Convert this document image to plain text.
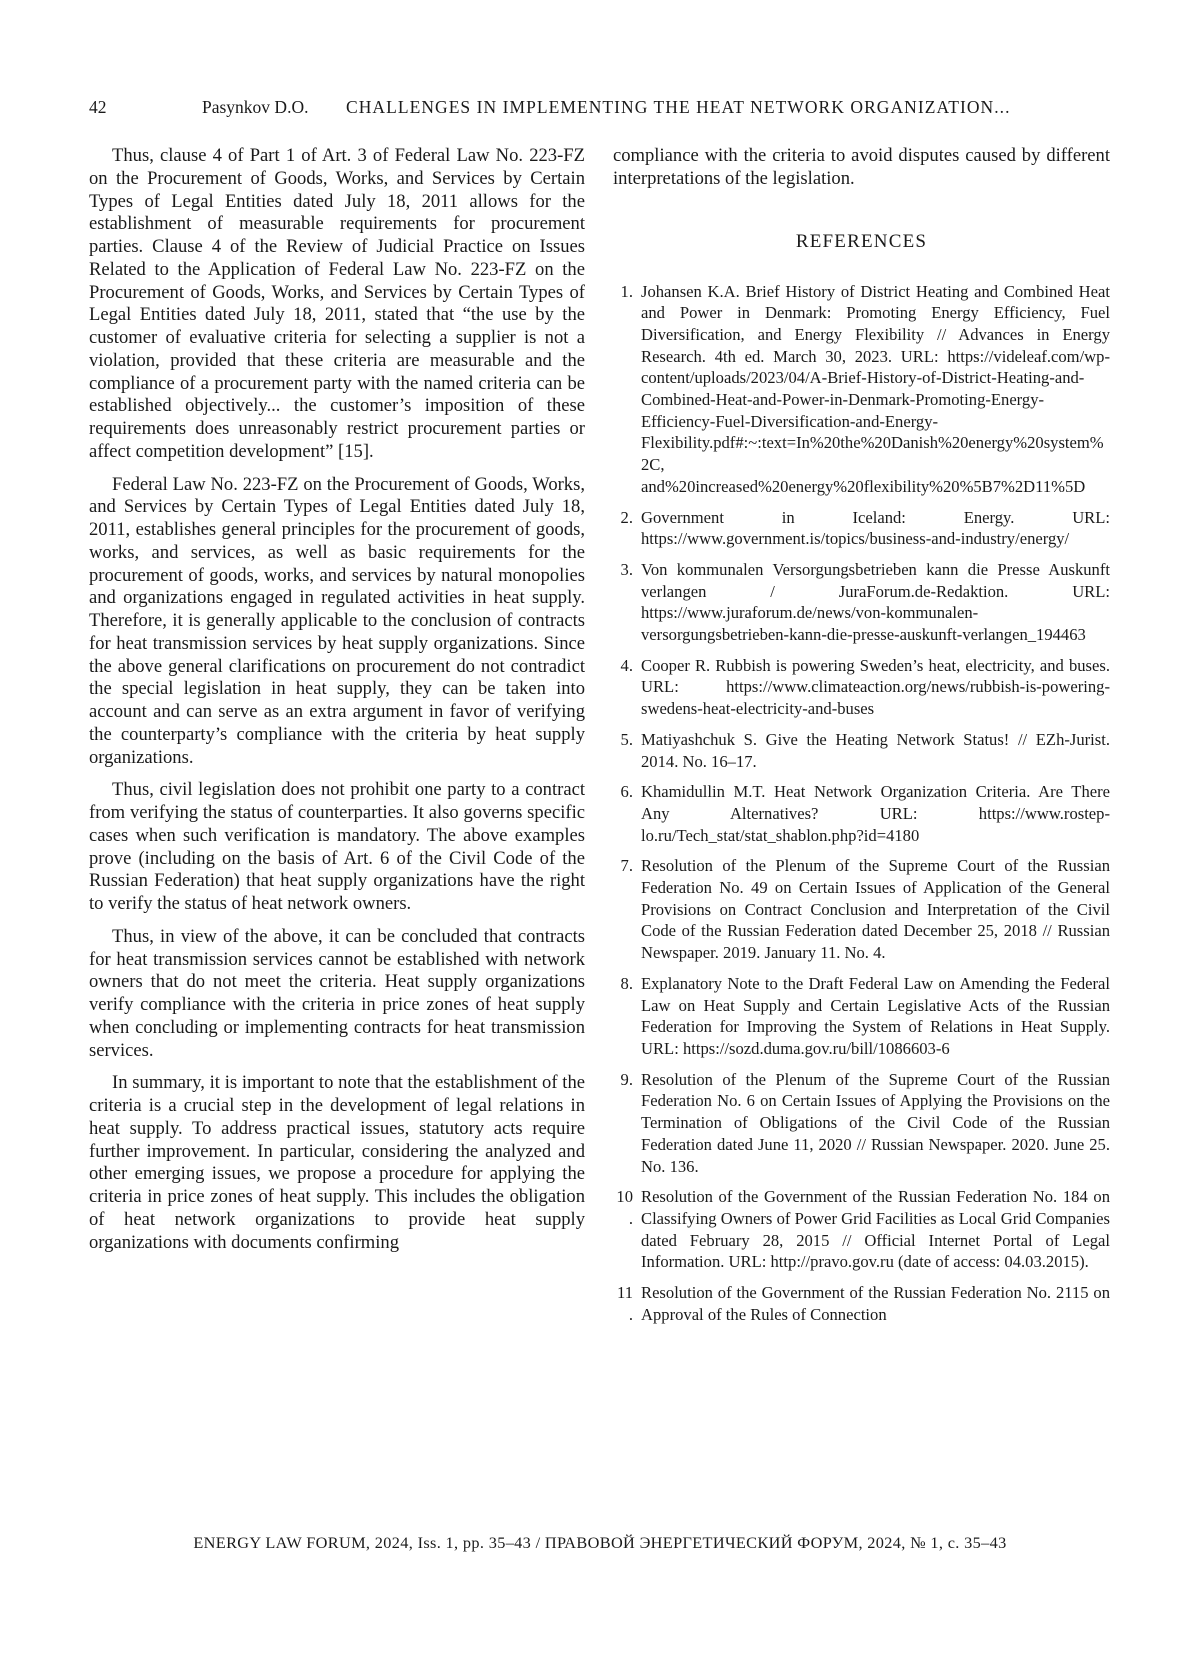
42	Pasynkov D.O. CHALLENGES IN IMPLEMENTING THE HEAT NETWORK ORGANIZATION...

Thus, clause 4 of Part 1 of Art. 3 of Federal Law No. 223-FZ on the Procurement of Goods, Works, and Services by Certain Types of Legal Entities dated July 18, 2011 allows for the establishment of measurable requirements for procurement parties. Clause 4 of the Review of Judicial Practice on Issues Related to the Application of Federal Law No. 223-FZ on the Procurement of Goods, Works, and Services by Certain Types of Legal Entities dated July 18, 2011, stated that “the use by the customer of evaluative criteria for selecting a supplier is not a violation, provided that these criteria are measurable and the compliance of a procurement party with the named criteria can be established objectively... the customer’s imposition of these requirements does unreasonably restrict procurement parties or affect competition development” [15].

Federal Law No. 223-FZ on the Procurement of Goods, Works, and Services by Certain Types of Legal Entities dated July 18, 2011, establishes general principles for the procurement of goods, works, and services, as well as basic requirements for the procurement of goods, works, and services by natural monopolies and organizations engaged in regulated activities in heat supply. Therefore, it is generally applicable to the conclusion of contracts for heat transmission services by heat supply organizations. Since the above general clarifications on procurement do not contradict the special legislation in heat supply, they can be taken into account and can serve as an extra argument in favor of verifying the counterparty’s compliance with the criteria by heat supply organizations.

Thus, civil legislation does not prohibit one party to a contract from verifying the status of counterparties. It also governs specific cases when such verification is mandatory. The above examples prove (including on the basis of Art. 6 of the Civil Code of the Russian Federation) that heat supply organizations have the right to verify the status of heat network owners.

Thus, in view of the above, it can be concluded that contracts for heat transmission services cannot be established with network owners that do not meet the criteria. Heat supply organizations verify compliance with the criteria in price zones of heat supply when concluding or implementing contracts for heat transmission services.

In summary, it is important to note that the establishment of the criteria is a crucial step in the development of legal relations in heat supply. To address practical issues, statutory acts require further improvement. In particular, considering the analyzed and other emerging issues, we propose a procedure for applying the criteria in price zones of heat supply. This includes the obligation of heat network organizations to provide heat supply organizations with documents confirming

compliance with the criteria to avoid disputes caused by different interpretations of the legislation.

REFERENCES
1. Johansen K.A. Brief History of District Heating and Combined Heat and Power in Denmark: Promoting Energy Efficiency, Fuel Diversification, and Energy Flexibility // Advances in Energy Research. 4th ed. March 30, 2023. URL: https://videleaf.com/wp-content/uploads/2023/04/A-Brief-History-of-District-Heating-and-Combined-Heat-and-Power-in-Denmark-Promoting-Energy-Efficiency-Fuel-Diversification-and-Energy-Flexibility.pdf#:~:text=In%20the%20Danish%20energy%20system%2C, and%20increased%20energy%20flexibility%20%5B7%2D11%5D
2. Government in Iceland: Energy. URL: https://www.government.is/topics/business-and-industry/energy/
3. Von kommunalen Versorgungsbetrieben kann die Presse Auskunft verlangen / JuraForum.de-Redaktion. URL: https://www.juraforum.de/news/von-kommunalen-versorgungsbetrieben-kann-die-presse-auskunft-verlangen_194463
4. Cooper R. Rubbish is powering Sweden’s heat, electricity, and buses. URL: https://www.climateaction.org/news/rubbish-is-powering-swedens-heat-electricity-and-buses
5. Matiyashchuk S. Give the Heating Network Status! // EZh-Jurist. 2014. No. 16–17.
6. Khamidullin M.T. Heat Network Organization Criteria. Are There Any Alternatives? URL: https://www.rostep-lo.ru/Tech_stat/stat_shablon.php?id=4180
7. Resolution of the Plenum of the Supreme Court of the Russian Federation No. 49 on Certain Issues of Application of the General Provisions on Contract Conclusion and Interpretation of the Civil Code of the Russian Federation dated December 25, 2018 // Russian Newspaper. 2019. January 11. No. 4.
8. Explanatory Note to the Draft Federal Law on Amending the Federal Law on Heat Supply and Certain Legislative Acts of the Russian Federation for Improving the System of Relations in Heat Supply. URL: https://sozd.duma.gov.ru/bill/1086603-6
9. Resolution of the Plenum of the Supreme Court of the Russian Federation No. 6 on Certain Issues of Applying the Provisions on the Termination of Obligations of the Civil Code of the Russian Federation dated June 11, 2020 // Russian Newspaper. 2020. June 25. No. 136.
10.
Resolution of the Government of the Russian Federation No. 184 on Classifying Owners of Power Grid Facilities as Local Grid Companies dated February 28, 2015 // Official Internet Portal of Legal Information. URL: http://pravo.gov.ru (date of access: 04.03.2015).
11.
Resolution of the Government of the Russian Federation No. 2115 on Approval of the Rules of Connection
ENERGY LAW FORUM, 2024, Iss. 1, pp. 35–43 / ПРАВОВОЙ ЭНЕРГЕТИЧЕСКИЙ ФОРУМ, 2024, № 1, с. 35–43
